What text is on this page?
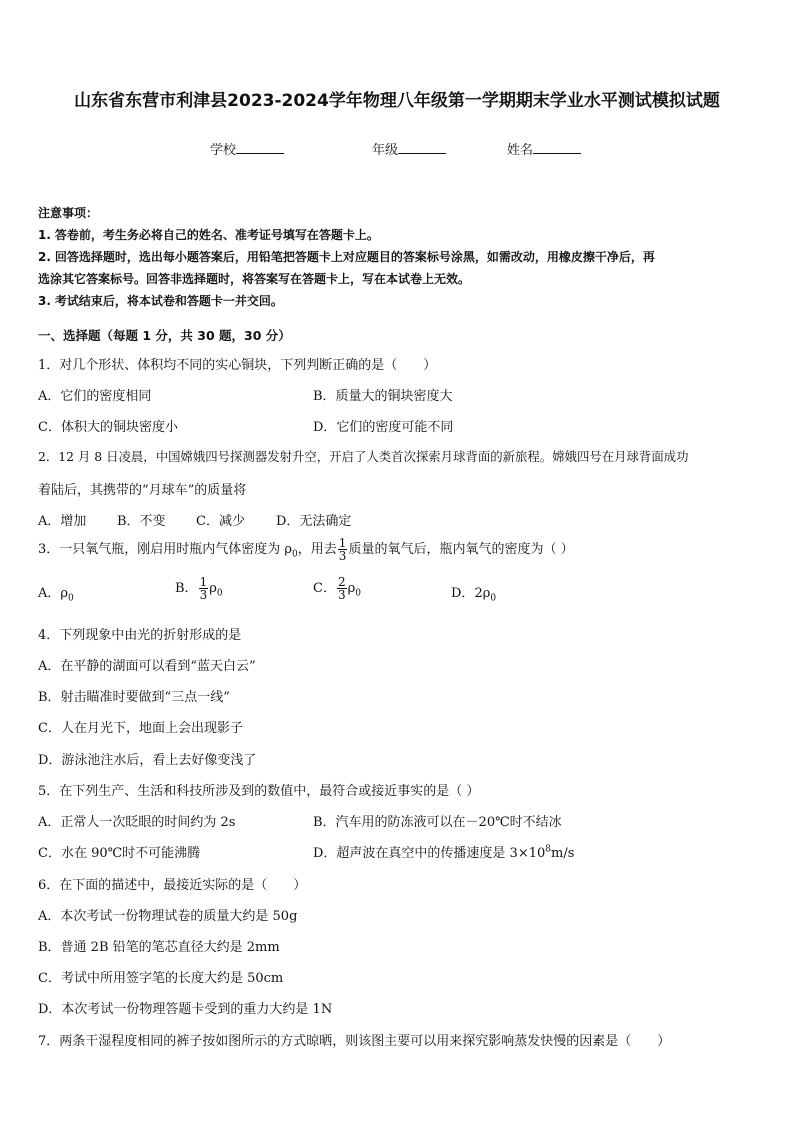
山东省东营市利津县2023-2024学年物理八年级第一学期期末学业水平测试模拟试题
学校	年级	姓名
注意事项：
1. 答卷前，考生务必将自己的姓名、准考证号填写在答题卡上。
2. 回答选择题时，选出每小题答案后，用铅笔把答题卡上对应题目的答案标号涂黑，如需改动，用橡皮擦干净后，再
选涂其它答案标号。回答非选择题时，将答案写在答题卡上，写在本试卷上无效。
3. 考试结束后，将本试卷和答题卡一并交回。
一、选择题（每题 1 分，共 30 题，30 分）
1．对几个形状、体积均不同的实心铜块，下列判断正确的是（　　）
A．它们的密度相同	B．质量大的铜块密度大
C．体积大的铜块密度小	D．它们的密度可能不同
2．12 月 8 日凌晨，中国嫦娥四号探测器发射升空，开启了人类首次探索月球背面的新旅程。嫦娥四号在月球背面成功
着陆后，其携带的“月球车”的质量将
A．增加 B．不变 C．减少 D．无法确定
3．一只氧气瓶，刚启用时瓶内气体密度为 $\rho_0$，用去 $\frac{1}{3}$ 质量的氧气后，瓶内氧气的密度为（ ）
A．$\rho_0$
B． $\frac{1}{3} \rho_0$	C． $\frac{2}{3} \rho_0$	D．$2\rho_0$
4．下列现象中由光的折射形成的是
A．在平静的湖面可以看到“蓝天白云”
B．射击瞄准时要做到“三点一线”
C．人在月光下，地面上会出现影子
D．游泳池注水后，看上去好像变浅了
5．在下列生产、生活和科技所涉及到的数值中，最符合或接近事实的是（ ）
A．正常人一次眨眼的时间约为 2s	B．汽车用的防冻液可以在－20℃时不结冰
C．水在 90℃时不可能沸腾	D．超声波在真空中的传播速度是 $3\times 10^8m/s$
6．在下面的描述中，最接近实际的是（　　）
A．本次考试一份物理试卷的质量大约是 50g
B．普通 2B 铅笔的笔芯直径大约是 2mm
C．考试中所用签字笔的长度大约是 50cm
D．本次考试一份物理答题卡受到的重力大约是 1N
7．两条干湿程度相同的裤子按如图所示的方式晾晒，则该图主要可以用来探究影响蒸发快慢的因素是（　　）
